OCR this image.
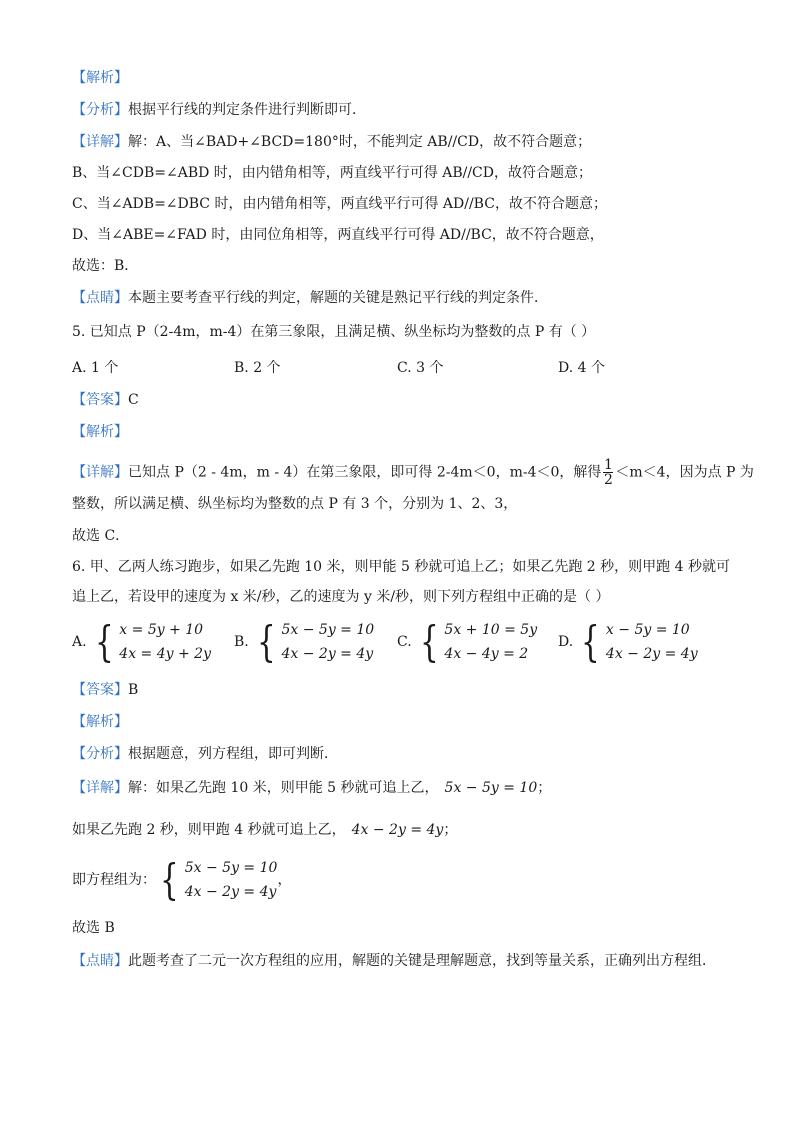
【解析】
【分析】根据平行线的判定条件进行判断即可．
【详解】解：A、当∠BAD+∠BCD=180°时，不能判定 AB//CD，故不符合题意；
B、当∠CDB=∠ABD 时，由内错角相等，两直线平行可得 AB//CD，故符合题意；
C、当∠ADB=∠DBC 时，由内错角相等，两直线平行可得 AD//BC，故不符合题意；
D、当∠ABE=∠FAD 时，由同位角相等，两直线平行可得 AD//BC，故不符合题意，
故选：B．
【点睛】本题主要考查平行线的判定，解题的关键是熟记平行线的判定条件．
5. 已知点 P（2-4m，m-4）在第三象限，且满足横、纵坐标均为整数的点 P 有（ ）
A. 1 个	B. 2 个	C. 3 个	D. 4 个
【答案】C
【解析】
【详解】已知点 P（2 - 4m，m - 4）在第三象限，即可得 2-4m＜0，m-4＜0，解得 $\frac{1}{2} <m<4$，因为点 P 为
整数，所以满足横、纵坐标均为整数的点 P 有 3 个，分别为 1、2、3，
故选 C．
6. 甲、乙两人练习跑步，如果乙先跑 10 米，则甲能 5 秒就可追上乙；如果乙先跑 2 秒，则甲跑 4 秒就可
追上乙，若设甲的速度为 x 米/秒，乙的速度为 y 米/秒，则下列方程组中正确的是（ ）
A. { x = 5y + 10
4x = 4y + 2y
B. { 5x − 5y = 10
4x − 2y = 4y
C. { 5x + 10 = 5y
4x − 4y = 2
D. { x − 5y = 10
4x − 2y = 4y
【答案】B
【解析】
【分析】根据题意，列方程组，即可判断．
【详解】解：如果乙先跑 10 米，则甲能 5 秒就可追上乙， 5x − 5y = 10；
如果乙先跑 2 秒，则甲跑 4 秒就可追上乙， 4x − 2y = 4y；
即方程组为： { 5x − 5y = 10
4x − 2y = 4y
，
故选 B
【点睛】此题考查了二元一次方程组的应用，解题的关键是理解题意，找到等量关系，正确列出方程组．
